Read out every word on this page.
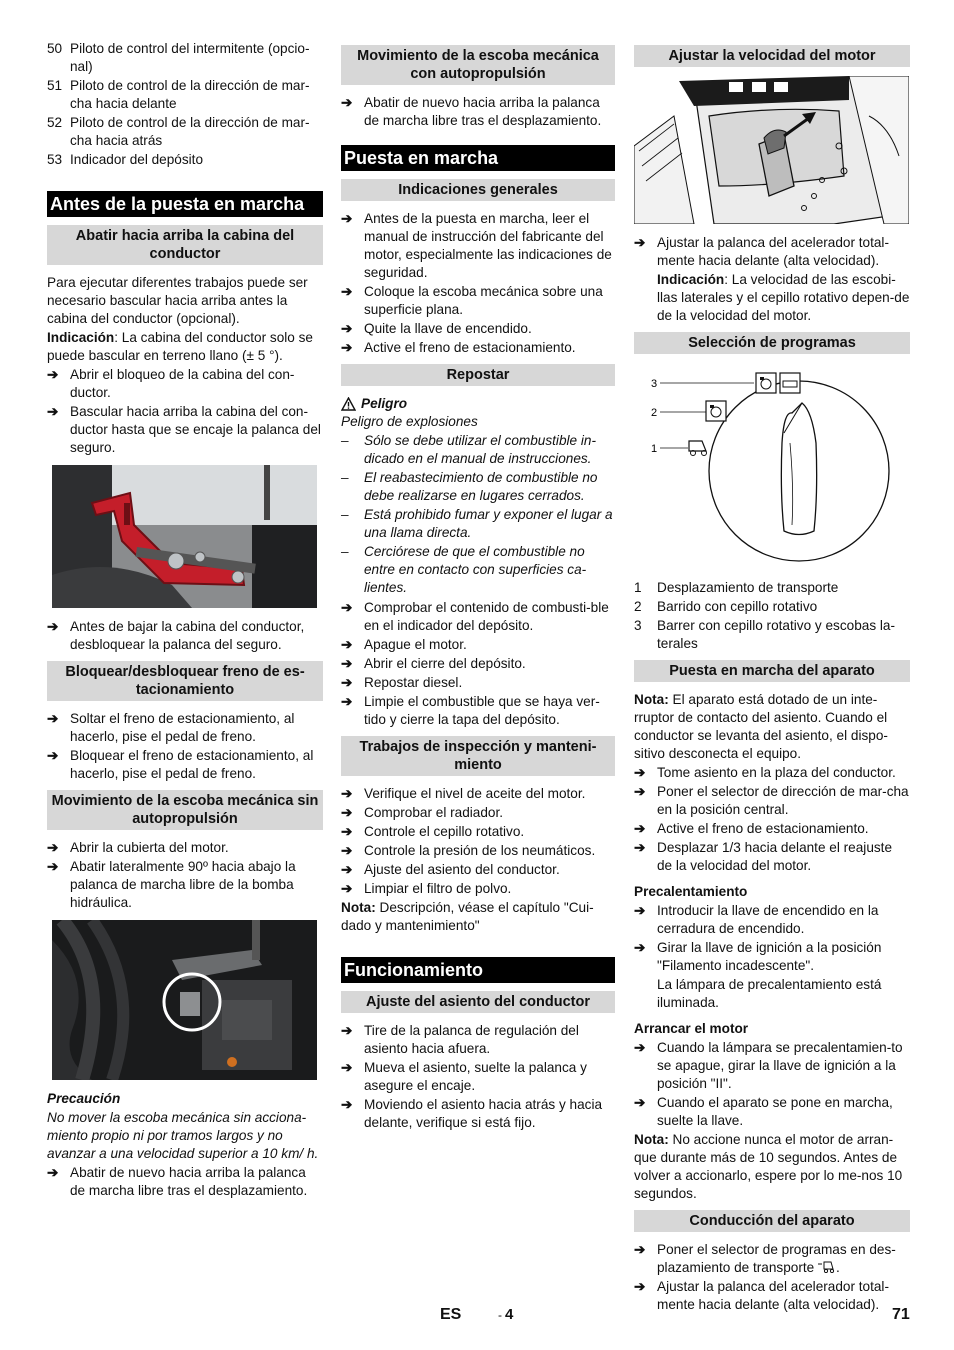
50 Piloto de control del intermitente (opcio-nal)
51 Piloto de control de la dirección de mar-cha hacia delante
52 Piloto de control de la dirección de mar-cha hacia atrás
53 Indicador del depósito
Antes de la puesta en marcha
Abatir hacia arriba la cabina del conductor

Para ejecutar diferentes trabajos puede ser necesario bascular hacia arriba antes la cabina del conductor (opcional).

Indicación: La cabina del conductor solo se puede bascular en terreno llano (± 5 °).

➔ Abrir el bloqueo de la cabina del con-ductor.
➔ Bascular hacia arriba la cabina del con-ductor hasta que se encaje la palanca del seguro.
➔ Antes de bajar la cabina del conductor, desbloquear la palanca del seguro.
Bloquear/desbloquear freno de es-tacionamiento
➔ Soltar el freno de estacionamiento, al hacerlo, pise el pedal de freno.
➔ Bloquear el freno de estacionamiento, al hacerlo, pise el pedal de freno.
Movimiento de la escoba mecánica sin autopropulsión
➔ Abrir la cubierta del motor.
➔ Abatir lateralmente 90º hacia abajo la palanca de marcha libre de la bomba hidráulica.

Precaución

No mover la escoba mecánica sin acciona-miento propio ni por tramos largos y no avanzar a una velocidad superior a 10 km/ h.

➔ Abatir de nuevo hacia arriba la palanca de marcha libre tras el desplazamiento.
Movimiento de la escoba mecánica con autopropulsión
➔ Abatir de nuevo hacia arriba la palanca de marcha libre tras el desplazamiento.
Puesta en marcha
Indicaciones generales
➔ Antes de la puesta en marcha, leer el manual de instrucción del fabricante del motor, especialmente las indicaciones de seguridad.
➔ Coloque la escoba mecánica sobre una superficie plana.
➔ Quite la llave de encendido.
➔ Active el freno de estacionamiento.
Repostar
Peligro

Peligro de explosiones

–	Sólo se debe utilizar el combustible in-dicado en el manual de instrucciones.
–	El reabastecimiento de combustible no debe realizarse en lugares cerrados.
–	Está prohibido fumar y exponer el lugar a una llama directa.
–	Cerciórese de que el combustible no entre en contacto con superficies ca-lientes.
➔ Comprobar el contenido de combusti-ble en el indicador del depósito.
➔ Apague el motor.
➔ Abrir el cierre del depósito.
➔ Repostar diesel.
➔ Limpie el combustible que se haya ver-tido y cierre la tapa del depósito.
Trabajos de inspección y manteni-miento
➔ Verifique el nivel de aceite del motor.
➔ Comprobar el radiador.
➔ Controle el cepillo rotativo.
➔ Controle la presión de los neumáticos.
➔ Ajuste del asiento del conductor.
➔ Limpiar el filtro de polvo.

Nota: Descripción, véase el capítulo "Cui-dado y mantenimiento"

Funcionamiento
Ajuste del asiento del conductor
➔ Tire de la palanca de regulación del asiento hacia afuera.
➔ Mueva el asiento, suelte la palanca y asegure el encaje.
➔ Moviendo el asiento hacia atrás y hacia delante, verifique si está fijo.
Ajustar la velocidad del motor
➔ Ajustar la palanca del acelerador total-mente hacia delante (alta velocidad).

Indicación: La velocidad de las escobi-llas laterales y el cepillo rotativo depen-de de la velocidad del motor.

Selección de programas
3
2
1
1	Desplazamiento de transporte
2	Barrido con cepillo rotativo
3	Barrer con cepillo rotativo y escobas la-terales
Puesta en marcha del aparato

Nota: El aparato está dotado de un inte-rruptor de contacto del asiento. Cuando el conductor se levanta del asiento, el dispo-sitivo desconecta el equipo.

➔ Tome asiento en la plaza del conductor.
➔ Poner el selector de dirección de mar-cha en la posición central.
➔ Active el freno de estacionamiento.
➔ Desplazar 1/3 hacia delante el reajuste de la velocidad del motor.
Precalentamiento
➔ Introducir la llave de encendido en la cerradura de encendido.
➔ Girar la llave de ignición a la posición "Filamento incadescente".

La lámpara de precalentamiento está iluminada.

Arrancar el motor
➔ Cuando la lámpara se precalentamien-to se apague, girar la llave de ignición a la posición "II".
➔ Cuando el aparato se pone en marcha, suelte la llave.

Nota: No accione nunca el motor de arran-que durante más de 10 segundos. Antes de volver a accionarlo, espere por lo me-nos 10 segundos.

Conducción del aparato
➔ Poner el selector de programas en des-plazamiento de transporte .
➔ Ajustar la palanca del acelerador total-mente hacia delante (alta velocidad).
ES	- 4	71
